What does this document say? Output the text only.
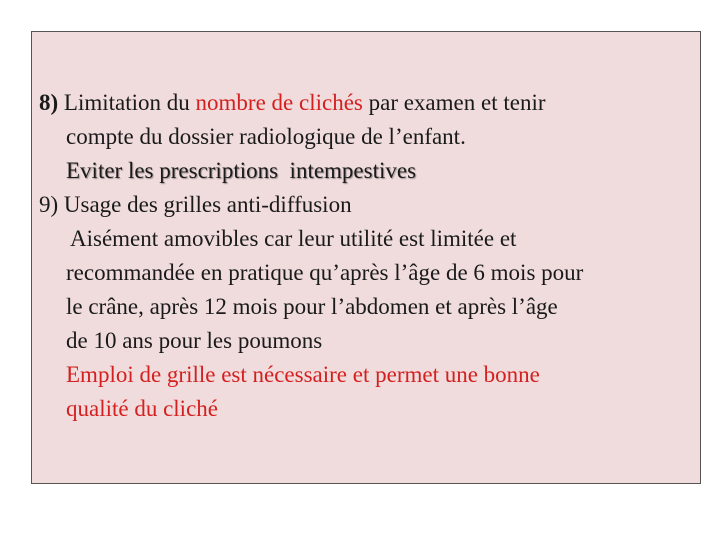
8) Limitation du nombre de clichés par examen et tenir
compte du dossier radiologique de l’enfant.
Eviter les prescriptions  intempestives
9) Usage des grilles anti-diffusion
Aisément amovibles car leur utilité est limitée et
recommandée en pratique qu’après l’âge de 6 mois pour
le crâne, après 12 mois pour l’abdomen et après l’âge
de 10 ans pour les poumons
Emploi de grille est nécessaire et permet une bonne
qualité du cliché
